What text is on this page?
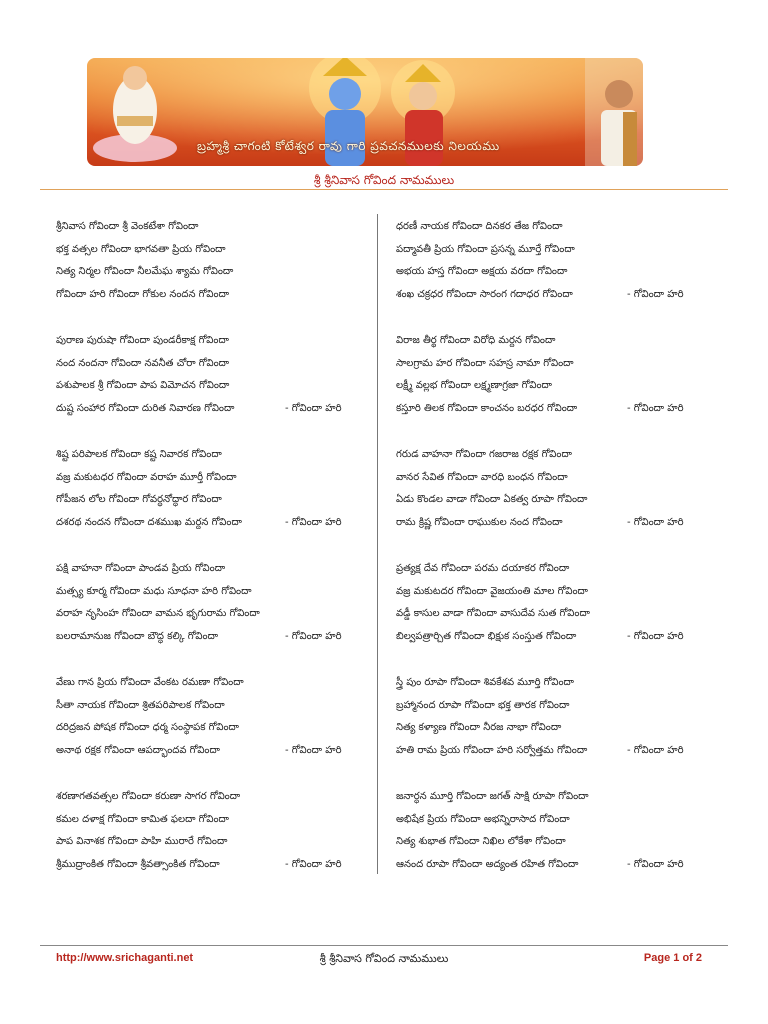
బ్రహ్మశ్రీ చాగంటి కోటేశ్వర రావు గారి ప్రవచనములకు నిలయము
శ్రీ శ్రీనివాస గోవింద నామములు
శ్రీనివాస గోవిందా శ్రీ వెంకటేశా గోవిందా
భక్త వత్సల గోవిందా భాగవతా ప్రియ గోవిందా
నిత్య నిర్మల గోవిందా నీలమేఘ శ్యామ గోవిందా
గోవిందా హరి గోవిందా గోకుల నందన గోవిందా
పురాణ పురుషా గోవిందా పుండరీకాక్ష గోవిందా
నంద నందనా గోవిందా నవనీత చోరా గోవిందా
పశుపాలక శ్రీ గోవిందా పాప విమోచన గోవిందా
దుష్ట సంహార గోవిందా దురిత నివారణ గోవిందా	- గోవిందా హరి
శిష్ట పరిపాలక గోవిందా కష్ట నివారక గోవిందా
వజ్ర మకుటధర గోవిందా వరాహ మూర్తీ గోవిందా
గోపీజన లోల గోవిందా గోవర్ధనోద్ధార గోవిందా
దశరథ నందన గోవిందా దశముఖ మర్దన గోవిందా	- గోవిందా హరి
పక్షి వాహనా గోవిందా పాండవ ప్రియ గోవిందా
మత్స్య కూర్మ గోవిందా మధు సూధనా హరి గోవిందా
వరాహ నృసింహ గోవిందా వామన భృగురామ గోవిందా
బలరామానుజ గోవిందా బౌద్ధ కల్కి గోవిందా	- గోవిందా హరి
వేణు గాన ప్రియ గోవిందా వేంకట రమణా గోవిందా
సీతా నాయక గోవిందా శ్రితపరిపాలక గోవిందా
దరిద్రజన పోషక గోవిందా ధర్మ సంస్థాపక గోవిందా
అనాథ రక్షక గోవిందా ఆపద్భాందవ గోవిందా	- గోవిందా హరి
శరణాగతవత్సల గోవిందా కరుణా సాగర గోవిందా
కమల దళాక్ష గోవిందా కామిత ఫలదా గోవిందా
పాప వినాశక గోవిందా పాహి మురారే గోవిందా
శ్రీముద్రాంకిత గోవిందా శ్రీవత్సాంకిత గోవిందా	- గోవిందా హరి
ధరణీ నాయక గోవిందా దినకర తేజ గోవిందా
పద్మావతీ ప్రియ గోవిందా ప్రసన్న మూర్తే గోవిందా
అభయ హస్త గోవిందా అక్షయ వరదా గోవిందా
శంఖ చక్రధర గోవిందా సారంగ గదాధర గోవిందా	- గోవిందా హరి
విరాజ తీర్థ గోవిందా విరోధి మర్దన గోవిందా
సాలగ్రామ హర గోవిందా సహస్ర నామా గోవిందా
లక్ష్మీ వల్లభ గోవిందా లక్ష్మణాగ్రజా గోవిందా
కస్తూరి తిలక గోవిందా కాంచనం బరధర గోవిందా	- గోవిందా హరి
గరుడ వాహనా గోవిందా గజరాజ రక్షక గోవిందా
వానర సేవిత గోవిందా వారధి బంధన గోవిందా
ఏడు కొండల వాడా గోవిందా ఏకత్వ రూపా గోవిందా
రామ క్రిష్ణ గోవిందా రాఘుకుల నంద గోవిందా	- గోవిందా హరి
ప్రత్యక్ష దేవ గోవిందా పరమ దయాకర గోవిందా
వజ్ర మకుటదర గోవిందా వైజయంతి మాల గోవిందా
వడ్డీ కాసుల వాడా గోవిందా వాసుదేవ సుత గోవిందా
బిల్వపత్రార్చిత గోవిందా భిక్షుక సంస్తుత గోవిందా	- గోవిందా హరి
స్త్రీ పుం రూపా గోవిందా శివకేశవ మూర్తి గోవిందా
బ్రహ్మానంద రూపా గోవిందా భక్త తారక గోవిందా
నిత్య కళ్యాణ గోవిందా నీరజ నాభా గోవిందా
హతి రామ ప్రియ గోవిందా హరి సర్వోత్తమ గోవిందా	- గోవిందా హరి
జనార్ధన మూర్తి గోవిందా జగత్ సాక్షి రూపా గోవిందా
అభిషేక ప్రియ గోవిందా అభన్నిరాసాద గోవిందా
నిత్య శుభాత గోవిందా నిఖిల లోకేశా గోవిందా
ఆనంద రూపా గోవిందా అద్యంత రహిత గోవిందా	- గోవిందా హరి
http://www.srichaganti.net	శ్రీ శ్రీనివాస గోవింద నామములు	Page 1 of 2
